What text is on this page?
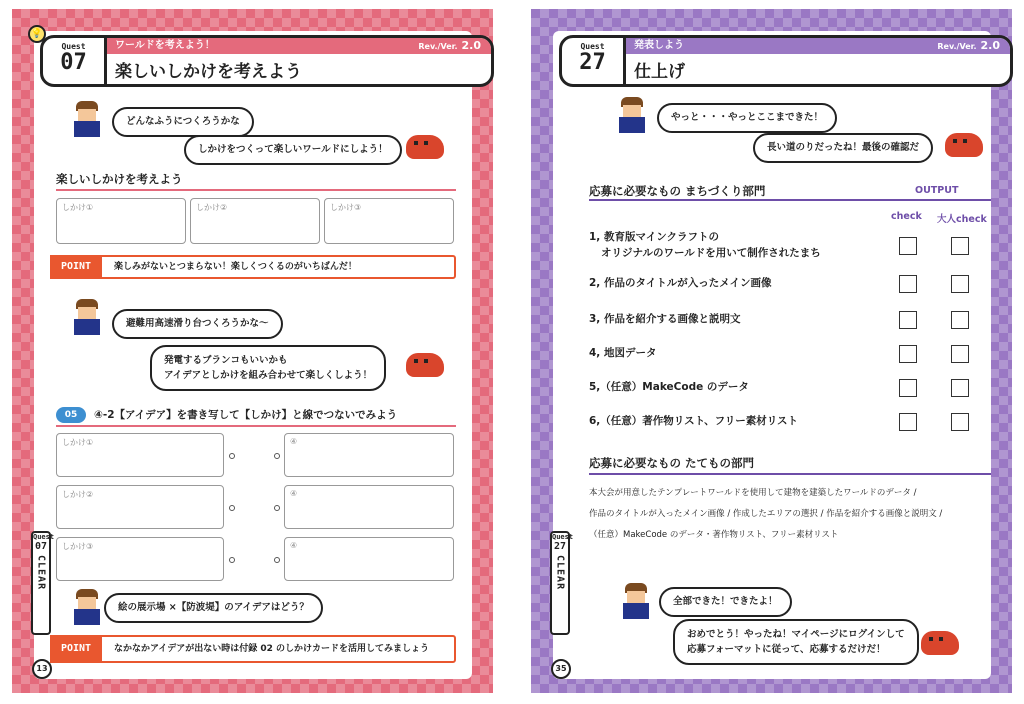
Quest
07
ワールドを考えよう！	Rev./Ver. 2.0
楽しいしかけを考えよう
💡
どんなふうにつくろうかな
しかけをつくって楽しいワールドにしよう！
楽しいしかけを考えよう
しかけ①	しかけ②	しかけ③
POINT	楽しみがないとつまらない！楽しくつくるのがいちばんだ！
避難用高速滑り台つくろうかな〜
発電するブランコもいいかも
アイデアとしかけを組み合わせて楽しくしよう！
05	④-2【アイデア】を書き写して【しかけ】と線でつないでみよう
しかけ①	④
しかけ②	④
しかけ③	④
絵の展示場 ×【防波堤】のアイデアはどう？
POINT	なかなかアイデアが出ない時は付録 02 のしかけカードを活用してみましょう
Quest
07
CLEAR
13
Quest
27
発表しよう	Rev./Ver. 2.0
仕上げ
やっと・・・やっとここまできた！
長い道のりだったね！最後の確認だ
応募に必要なもの まちづくり部門	OUTPUT
check 大人check
1, 教育版マインクラフトの
オリジナルのワールドを用いて制作されたまち
2, 作品のタイトルが入ったメイン画像
3, 作品を紹介する画像と説明文
4, 地図データ
5,（任意）MakeCode のデータ
6,（任意）著作物リスト、フリー素材リスト
応募に必要なもの たてもの部門
本大会が用意したテンプレートワールドを使用して建物を建築したワールドのデータ /
作品のタイトルが入ったメイン画像 / 作成したエリアの選択 / 作品を紹介する画像と説明文 /
（任意）MakeCode のデータ・著作物リスト、フリー素材リスト
全部できた！できたよ！
おめでとう！やったね！マイページにログインして
応募フォーマットに従って、応募するだけだ！
Quest
27
CLEAR
35
